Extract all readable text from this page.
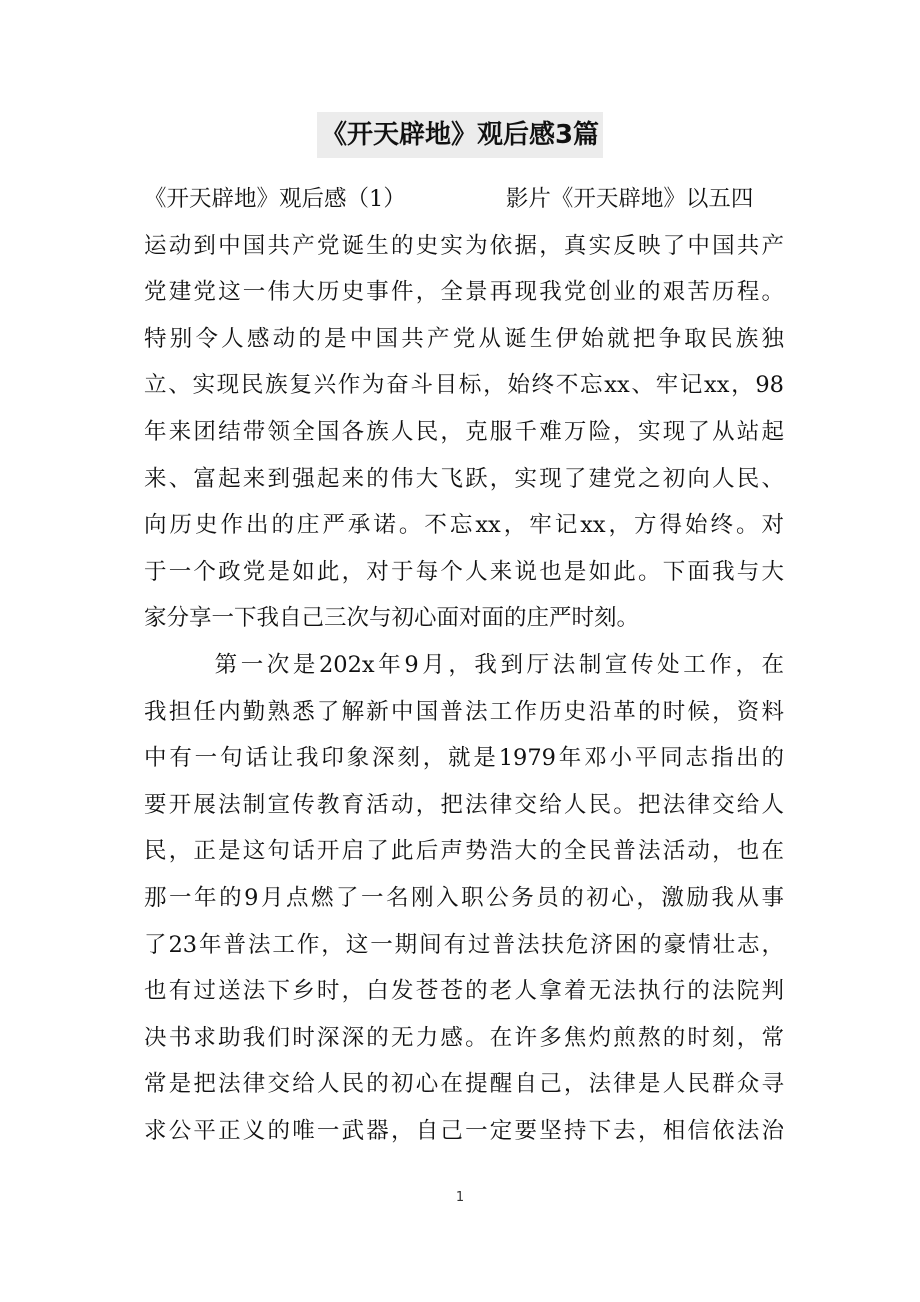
《开天辟地》观后感3篇
《开天辟地》观后感（1）	影片《开天辟地》以五四
运动到中国共产党诞生的史实为依据，真实反映了中国共产
党建党这一伟大历史事件，全景再现我党创业的艰苦历程。
特别令人感动的是中国共产党从诞生伊始就把争取民族独
立、实现民族复兴作为奋斗目标，始终不忘xx、牢记xx，98
年来团结带领全国各族人民，克服千难万险，实现了从站起
来、富起来到强起来的伟大飞跃，实现了建党之初向人民、
向历史作出的庄严承诺。不忘xx，牢记xx，方得始终。对
于一个政党是如此，对于每个人来说也是如此。下面我与大
家分享一下我自己三次与初心面对面的庄严时刻。
第一次是202x年9月，我到厅法制宣传处工作，在
我担任内勤熟悉了解新中国普法工作历史沿革的时候，资料
中有一句话让我印象深刻，就是1979年邓小平同志指出的
要开展法制宣传教育活动，把法律交给人民。把法律交给人
民，正是这句话开启了此后声势浩大的全民普法活动，也在
那一年的9月点燃了一名刚入职公务员的初心，激励我从事
了23年普法工作，这一期间有过普法扶危济困的豪情壮志，
也有过送法下乡时，白发苍苍的老人拿着无法执行的法院判
决书求助我们时深深的无力感。在许多焦灼煎熬的时刻，常
常是把法律交给人民的初心在提醒自己，法律是人民群众寻
求公平正义的唯一武器，自己一定要坚持下去，相信依法治
1
